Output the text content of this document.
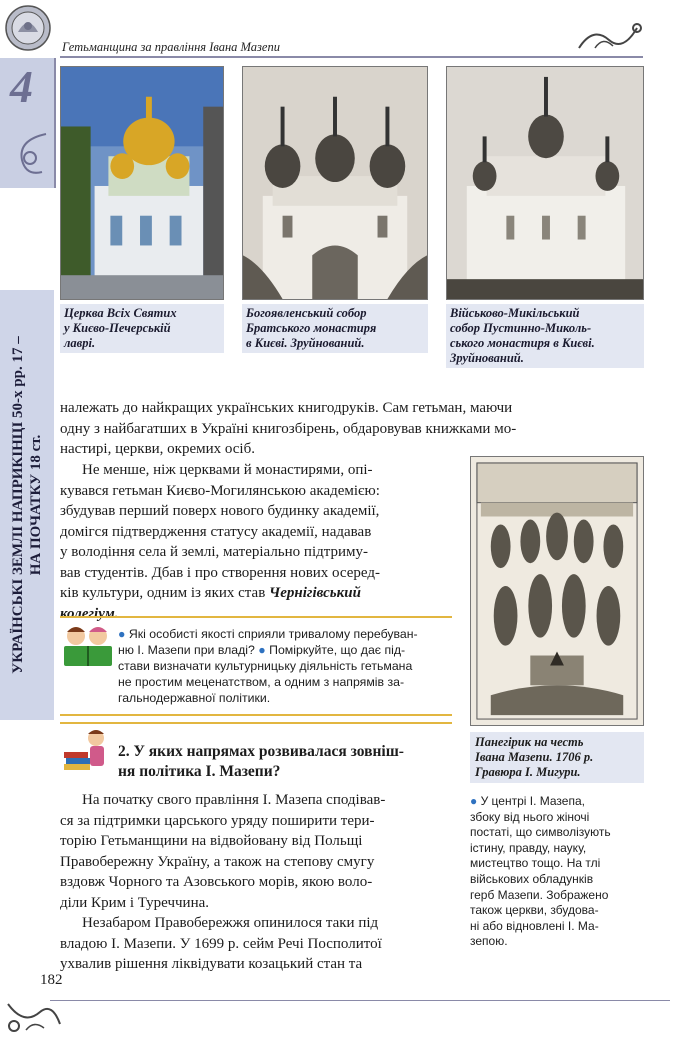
Гетьманщина за правління Івана Мазепи
4
УКРАЇНСЬКІ ЗЕМЛІ НАПРИКІНЦІ 50-х рр. 17 – НА ПОЧАТКУ 18 ст.
Церква Всіх Святих
у Києво-Печерській
лаврі.
Богоявленський собор
Братського монастиря
в Києві. Зруйнований.
Військово-Микільський
собор Пустинно-Миколь-
ського монастиря в Києві.
Зруйнований.
належать до найкращих українських книгодруків. Сам гетьман, маючи
одну з найбагатших в Україні книгозбірень, обдаровував книжками мо-
настирі, церкви, окремих осіб.
Не менше, ніж церквами й монастирями, опі-
кувався гетьман Києво-Могилянською академією:
збудував перший поверх нового будинку академії,
домігся підтвердження статусу академії, надавав
у володіння села й землі, матеріально підтриму-
вав студентів. Дбав і про створення нових осеред-
ків культури, одним із яких став Чернігівський
колегіум.
● Які особисті якості сприяли тривалому перебуван-
ню І. Мазепи при владі? ● Поміркуйте, що дає під-
стави визначати культурницьку діяльність гетьмана
не простим меценатством, а одним з напрямів за-
гальнодержавної політики.
2. У яких напрямах розвивалася зовніш-
ня політика І. Мазепи?
На початку свого правління І. Мазепа сподівав-
ся за підтримки царського уряду поширити тери-
торію Гетьманщини на відвойовану від Польщі
Правобережну Україну, а також на степову смугу
вздовж Чорного та Азовського морів, якою воло-
діли Крим і Туреччина.
Незабаром Правобережжя опинилося таки під
владою І. Мазепи. У 1699 р. сейм Речі Посполитої
ухвалив рішення ліквідувати козацький стан та
Панегірик на честь
Івана Мазепи. 1706 р.
Гравюра І. Мигури.
● У центрі І. Мазепа,
збоку від нього жіночі
постаті, що символізують
істину, правду, науку,
мистецтво тощо. На тлі
військових обладунків
герб Мазепи. Зображено
також церкви, збудова-
ні або відновлені І. Ма-
зепою.
182
